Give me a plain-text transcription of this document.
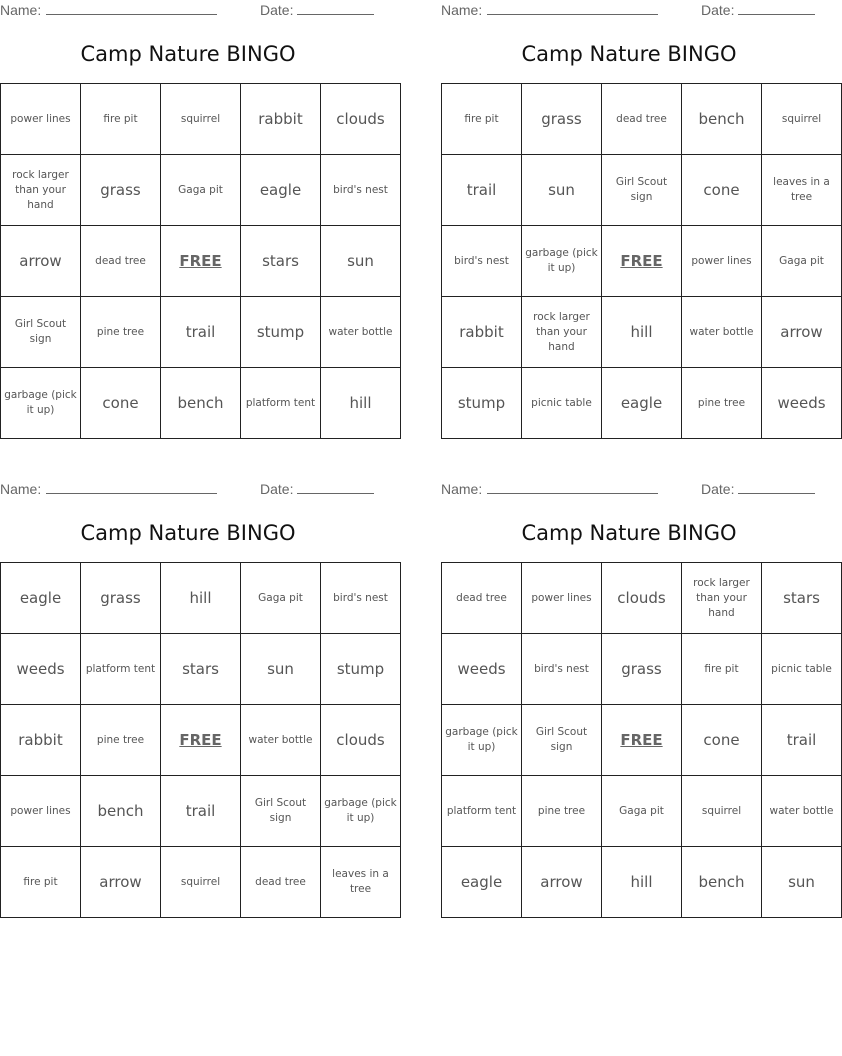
Name:	Date:
Camp Nature BINGO
power lines	fire pit	squirrel	rabbit	clouds
rock larger than your hand	grass	Gaga pit	eagle	bird's nest
arrow	dead tree	FREE	stars	sun
Girl Scout sign	pine tree	trail	stump	water bottle
garbage (pick it up)	cone	bench	platform tent	hill
Name:	Date:
Camp Nature BINGO
fire pit	grass	dead tree	bench	squirrel
trail	sun	Girl Scout sign	cone	leaves in a tree
bird's nest	garbage (pick it up)	FREE	power lines	Gaga pit
rabbit	rock larger than your hand	hill	water bottle	arrow
stump	picnic table	eagle	pine tree	weeds
Name:	Date:
Camp Nature BINGO
eagle	grass	hill	Gaga pit	bird's nest
weeds	platform tent	stars	sun	stump
rabbit	pine tree	FREE	water bottle	clouds
power lines	bench	trail	Girl Scout sign	garbage (pick it up)
fire pit	arrow	squirrel	dead tree	leaves in a tree
Name:	Date:
Camp Nature BINGO
dead tree	power lines	clouds	rock larger than your hand	stars
weeds	bird's nest	grass	fire pit	picnic table
garbage (pick it up)	Girl Scout sign	FREE	cone	trail
platform tent	pine tree	Gaga pit	squirrel	water bottle
eagle	arrow	hill	bench	sun
